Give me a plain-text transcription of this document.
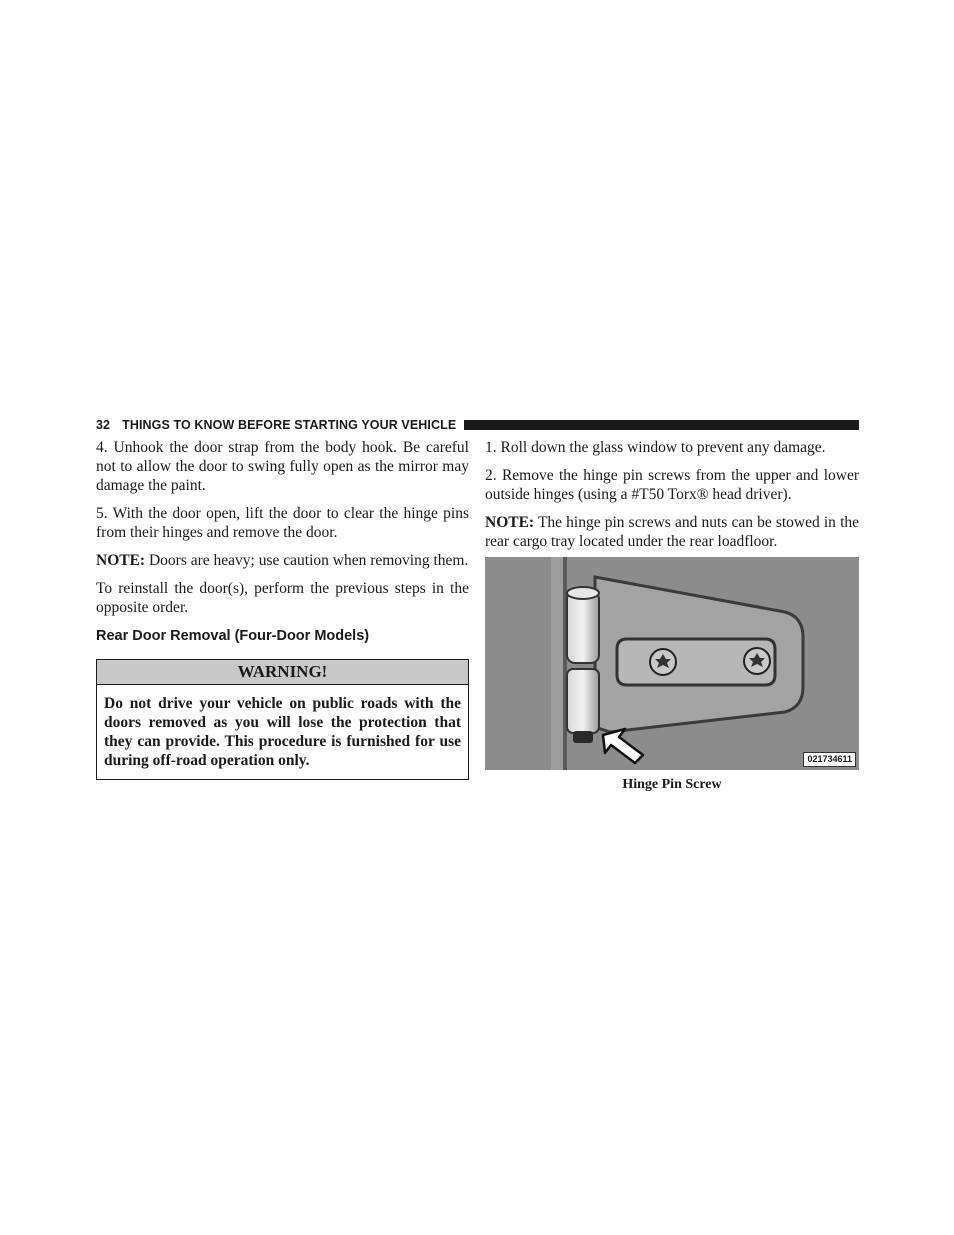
32 THINGS TO KNOW BEFORE STARTING YOUR VEHICLE

4. Unhook the door strap from the body hook. Be careful not to allow the door to swing fully open as the mirror may damage the paint.

5. With the door open, lift the door to clear the hinge pins from their hinges and remove the door.

NOTE: Doors are heavy; use caution when removing them.

To reinstall the door(s), perform the previous steps in the opposite order.

Rear Door Removal (Four-Door Models)
WARNING!
Do not drive your vehicle on public roads with the doors removed as you will lose the protection that they can provide. This procedure is furnished for use during off-road operation only.

1. Roll down the glass window to prevent any damage.

2. Remove the hinge pin screws from the upper and lower outside hinges (using a #T50 Torx® head driver).

NOTE: The hinge pin screws and nuts can be stowed in the rear cargo tray located under the rear loadfloor.

021734611
Hinge Pin Screw
